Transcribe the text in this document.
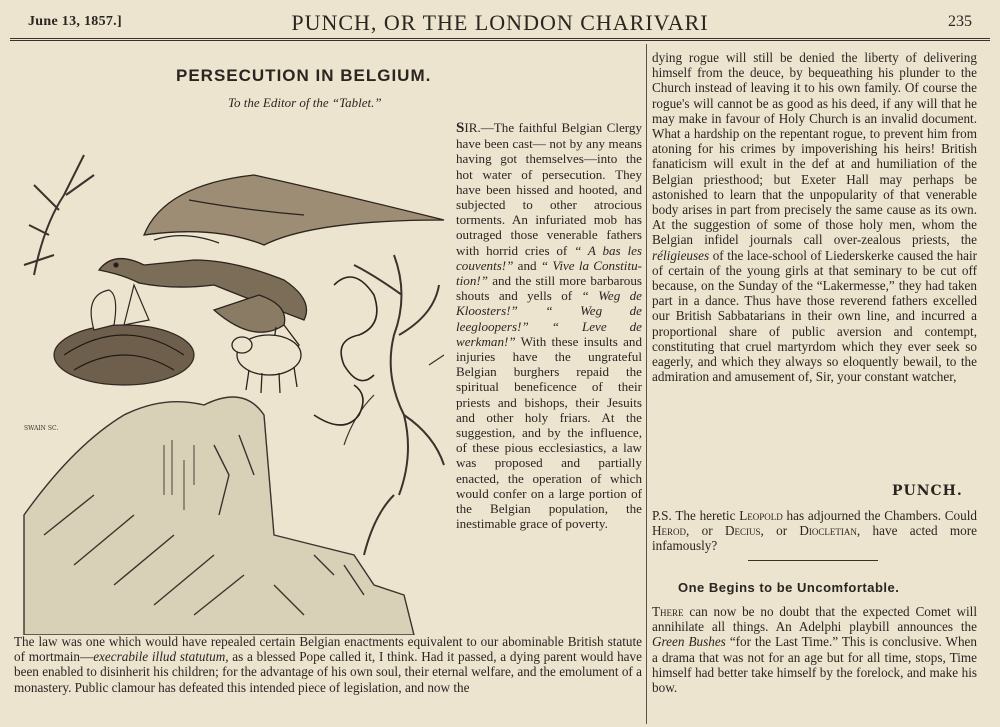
June 13, 1857.]	PUNCH, OR THE LONDON CHARIVARI	235
PERSECUTION IN BELGIUM.
To the Editor of the “Tablet.”
SWAIN SC.
SIR.—The faithful Belgian Clergy have been cast— not by any means having got themselves—into the hot water of persecution. They have been hissed and hooted, and subjected to other atrocious torments. An infuriated mob has outraged those venerable fathers with horrid cries of “ A bas les couvents!” and “ Vive la Constitu-tion!” and the still more barbarous shouts and yells of “ Weg de Kloosters!” “ Weg de leegloopers!” “ Leve de werkman!” With these insults and injuries have the ungrateful Belgian burghers repaid the spiritual beneficence of their priests and bishops, their Jesuits and other holy friars. At the suggestion, and by the influence, of these pious ecclesiastics, a law was proposed and partially enacted, the operation of which would confer on a large portion of the Belgian population, the inestimable grace of poverty.
The law was one which would have repealed certain Belgian enactments equivalent to our abominable British statute of mortmain—execrabile illud statutum, as a blessed Pope called it, I think. Had it passed, a dying parent would have been enabled to disinherit his children; for the advantage of his own soul, their eternal welfare, and the emolument of a monastery. Public clamour has defeated this intended piece of legislation, and now the
dying rogue will still be denied the liberty of delivering himself from the deuce, by bequeathing his plunder to the Church instead of leaving it to his own family. Of course the rogue's will cannot be as good as his deed, if any will that he may make in favour of Holy Church is an invalid document. What a hardship on the repentant rogue, to prevent him from atoning for his crimes by impoverishing his heirs! British fanaticism will exult in the def at and humiliation of the Belgian priesthood; but Exeter Hall may perhaps be astonished to learn that the unpopularity of that venerable body arises in part from precisely the same cause as its own. At the suggestion of some of those holy men, whom the Belgian infidel journals call over-zealous priests, the réligieuses of the lace-school of Liederskerke caused the hair of certain of the young girls at that seminary to be cut off because, on the Sunday of the “Lakermesse,” they had taken part in a dance. Thus have those reverend fathers excelled our British Sabbatarians in their own line, and incurred a proportional share of public aversion and contempt, constituting that cruel martyrdom which they ever seek so eagerly, and which they always so eloquently bewail, to the admiration and amusement of, Sir, your constant watcher,
PUNCH.
P.S. The heretic Leopold has adjourned the Chambers. Could Herod, or Decius, or Diocletian, have acted more infamously?
One Begins to be Uncomfortable.
There can now be no doubt that the expected Comet will annihilate all things. An Adelphi playbill announces the Green Bushes “for the Last Time.” This is conclusive. When a drama that was not for an age but for all time, stops, Time himself had better take himself by the forelock, and make his bow.
